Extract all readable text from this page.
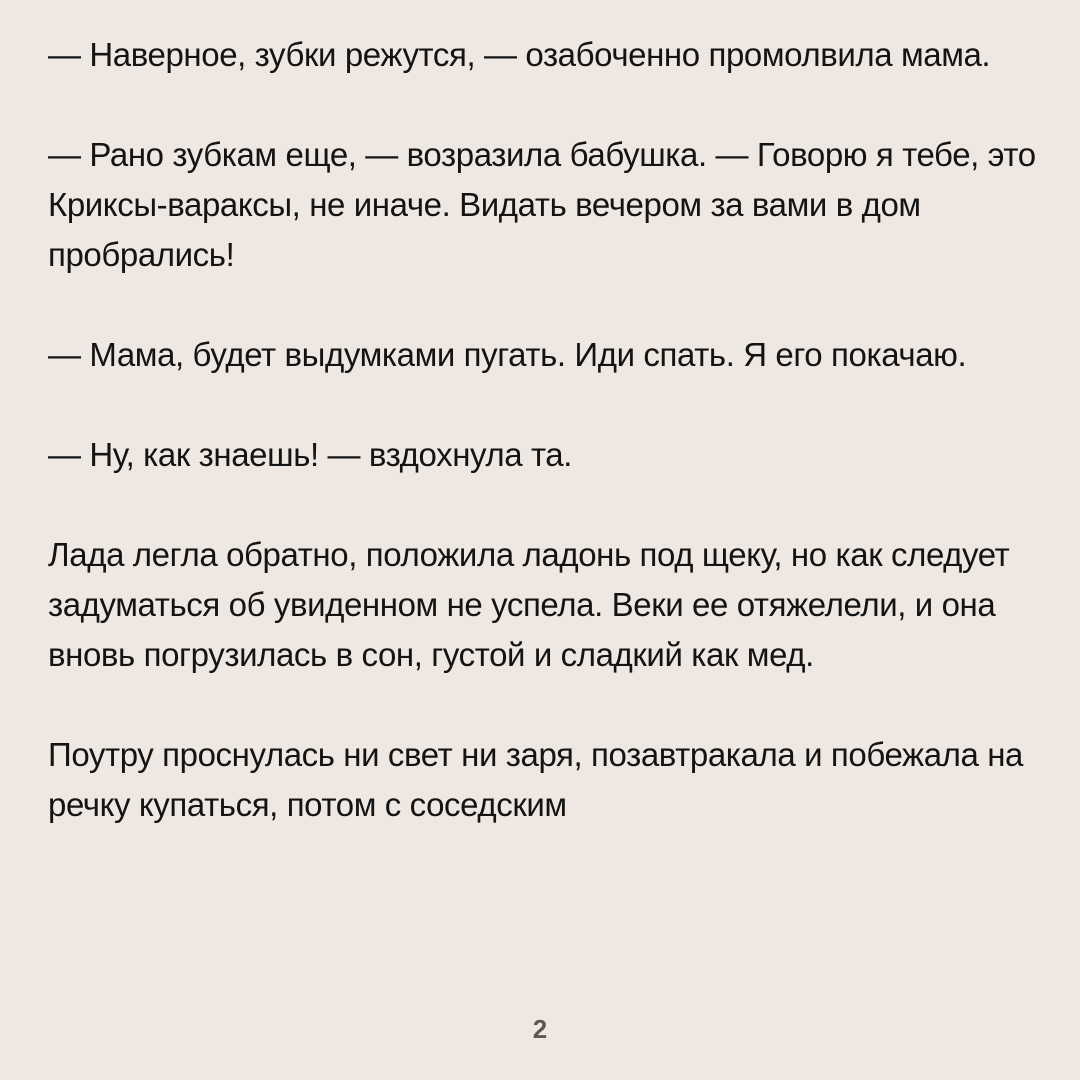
— Наверное, зубки режутся, — озабоченно промолвила мама.

— Рано зубкам еще, — возразила бабушка. — Говорю я тебе, это Криксы-вараксы, не иначе. Видать вечером за вами в дом пробрались!

— Мама, будет выдумками пугать. Иди спать. Я его покачаю.

— Ну, как знаешь! — вздохнула та.

Лада легла обратно, положила ладонь под щеку, но как следует задуматься об увиденном не успела. Веки ее отяжелели, и она вновь погрузилась в сон, густой и сладкий как мед.

Поутру проснулась ни свет ни заря, позавтракала и побежала на речку купаться, потом с соседским

2
